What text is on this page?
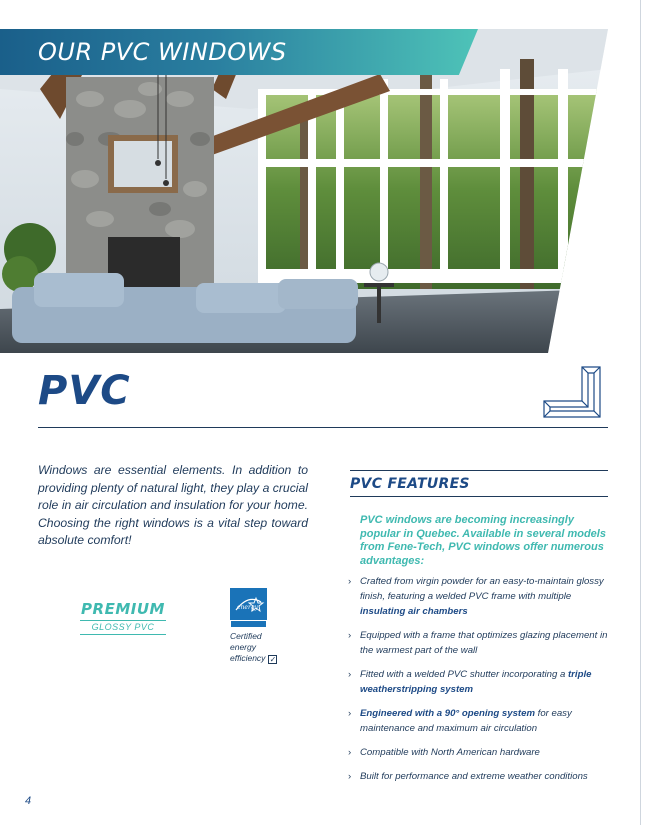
OUR PVC WINDOWS
PVC

Windows are essential elements. In addition to providing plenty of natural light, they play a crucial role in air circulation and insulation for your home. Choosing the right windows is a vital step toward absolute comfort!

PREMIUM
GLOSSY PVC
energy
Certified
energy
efficiency ✓
PVC FEATURES

PVC windows are becoming increasingly popular in Quebec. Available in several models from Fene-Tech, PVC windows offer numerous advantages:

› Crafted from virgin powder for an easy-to-maintain glossy finish, featuring a welded PVC frame with multiple insulating air chambers
› Equipped with a frame that optimizes glazing placement in the warmest part of the wall
› Fitted with a welded PVC shutter incorporating a triple weatherstripping system
› Engineered with a 90° opening system for easy maintenance and maximum air circulation
› Compatible with North American hardware
› Built for performance and extreme weather conditions
4
